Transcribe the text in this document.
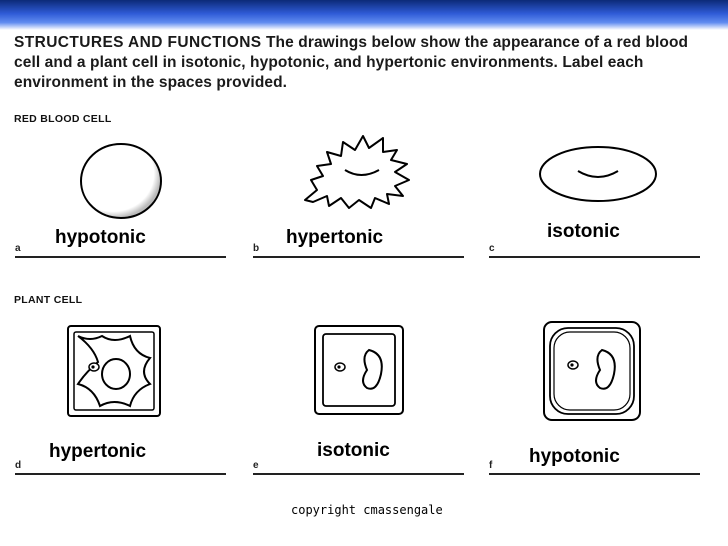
STRUCTURES AND FUNCTIONS The drawings below show the appearance of a red blood cell and a plant cell in isotonic, hypotonic, and hypertonic environments. Label each environment in the spaces provided.
RED BLOOD CELL
PLANT CELL
a
hypotonic
b
hypertonic
c
isotonic
d
hypertonic
e
isotonic
f hypotonic
copyright cmassengale
